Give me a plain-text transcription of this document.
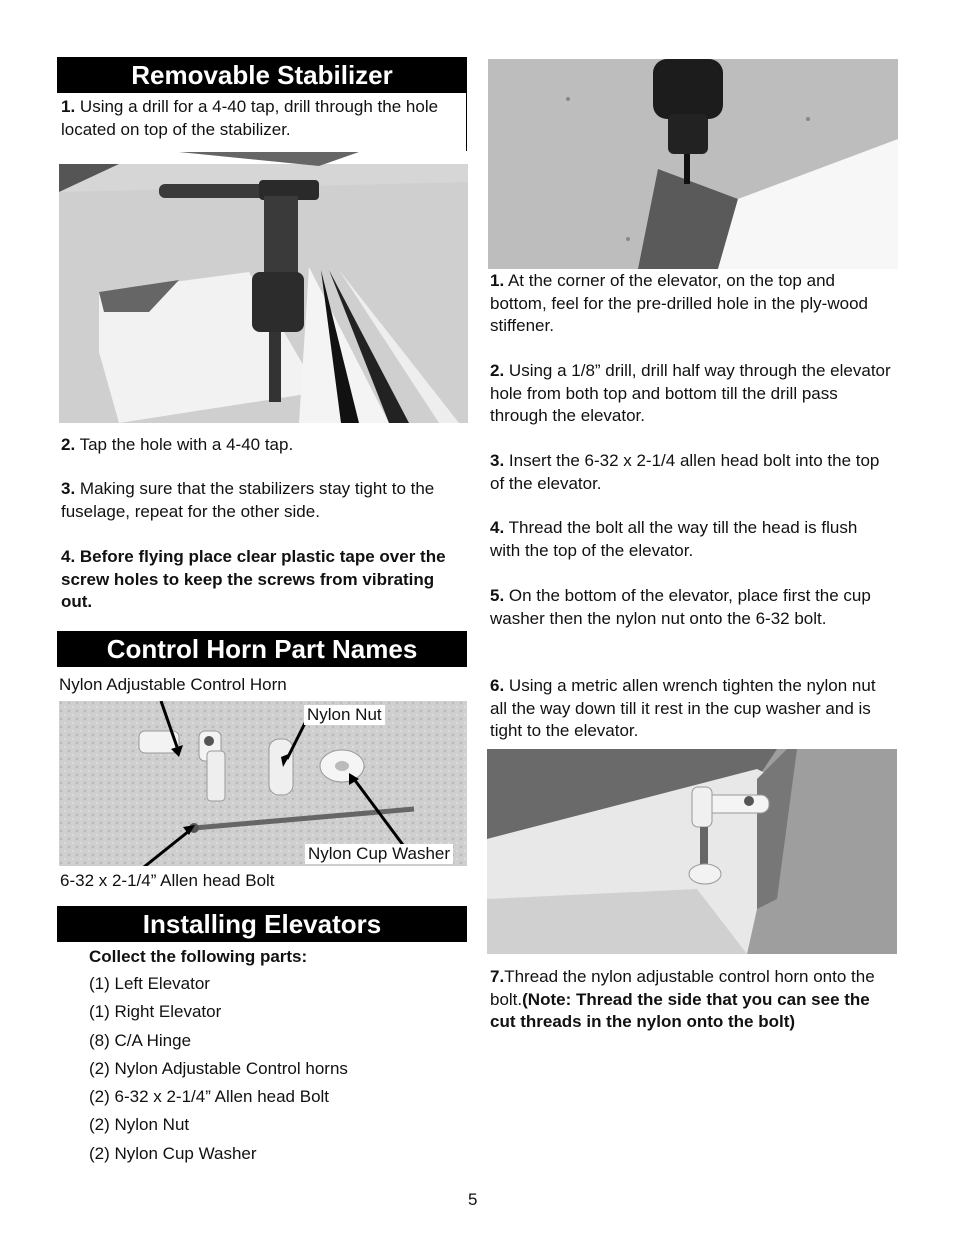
Removable Stabilizer
1. Using a drill for a 4-40 tap, drill through the hole located on top of the stabilizer.
2. Tap the hole with a 4-40 tap.
3. Making sure that the stabilizers stay tight to the fuselage, repeat for the other side.
4. Before flying place clear plastic tape over the screw holes to keep the screws from vibrating out.
Control Horn Part Names
Nylon Adjustable Control Horn
Nylon Nut
Nylon Cup Washer
6-32 x 2-1/4” Allen head Bolt
Installing Elevators
Collect the following parts:
(1) Left Elevator
(1) Right Elevator
(8) C/A Hinge
(2) Nylon Adjustable Control horns
(2) 6-32 x 2-1/4” Allen head Bolt
(2) Nylon Nut
(2) Nylon Cup Washer
1. At the corner of the elevator, on the top and bottom, feel for the pre-drilled hole in the ply-wood stiffener.
2. Using a 1/8” drill, drill half way through the elevator hole from both top and bottom till the drill pass through the elevator.
3. Insert the 6-32 x 2-1/4 allen head bolt into the top of the elevator.
4. Thread the bolt all the way till the head is flush with the top of the elevator.
5. On the bottom of the elevator, place first the cup washer then the nylon nut onto the 6-32 bolt.
6. Using a metric allen wrench tighten the nylon nut all the way down till it rest in the cup washer and is tight to the elevator.
7.Thread the nylon adjustable control horn onto the bolt.(Note: Thread the side that you can see the cut threads in the nylon onto the bolt)
5
